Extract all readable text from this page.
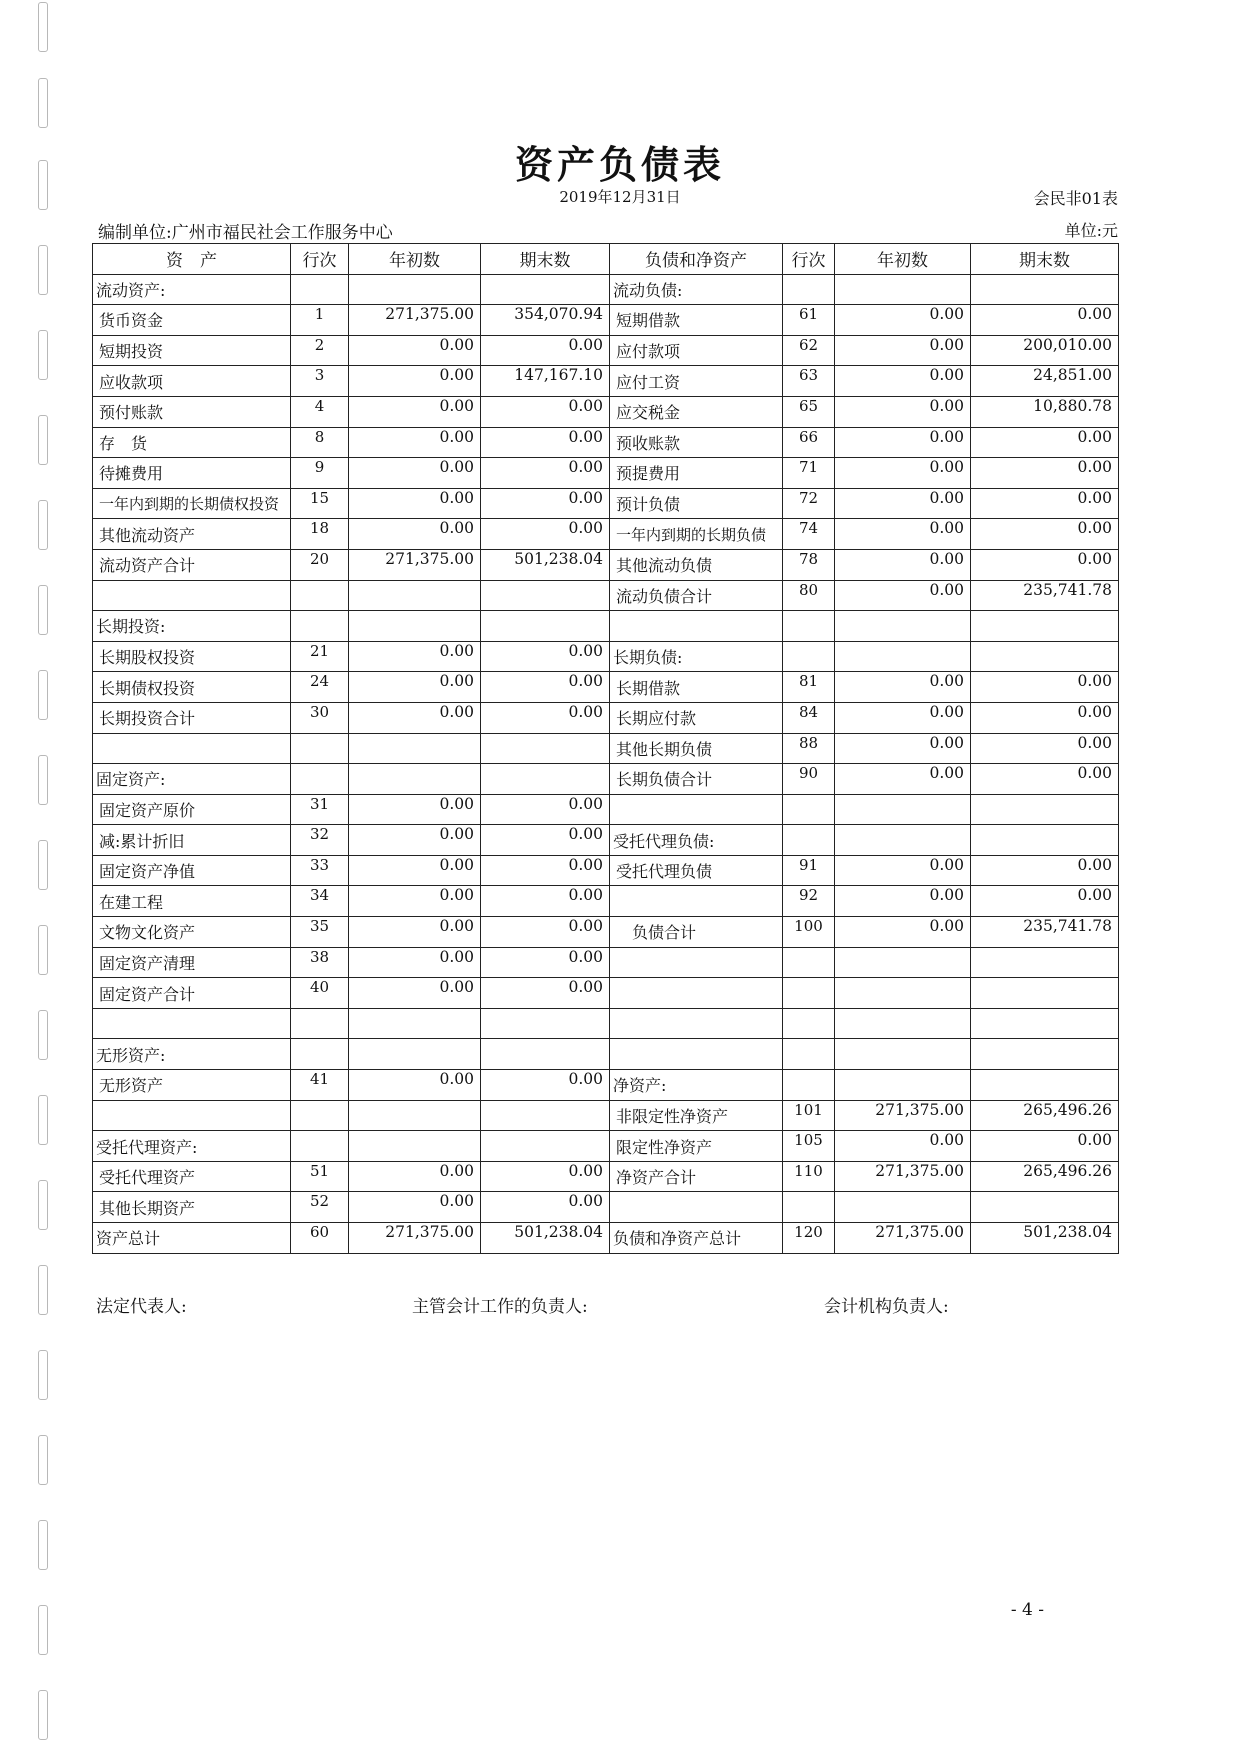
资产负债表
2019年12月31日	会民非01表
编制单位:广州市福民社会工作服务中心	单位:元
资　产	行次	年初数	期末数	负债和净资产	行次	年初数	期末数
流动资产:				流动负债:			
货币资金	1	271,375.00	354,070.94	短期借款	61	0.00	0.00
短期投资	2	0.00	0.00	应付款项	62	0.00	200,010.00
应收款项	3	0.00	147,167.10	应付工资	63	0.00	24,851.00
预付账款	4	0.00	0.00	应交税金	65	0.00	10,880.78
存　货	8	0.00	0.00	预收账款	66	0.00	0.00
待摊费用	9	0.00	0.00	预提费用	71	0.00	0.00
一年内到期的长期债权投资	15	0.00	0.00	预计负债	72	0.00	0.00
其他流动资产	18	0.00	0.00	一年内到期的长期负债	74	0.00	0.00
流动资产合计	20	271,375.00	501,238.04	其他流动负债	78	0.00	0.00
				流动负债合计	80	0.00	235,741.78
长期投资:							
长期股权投资	21	0.00	0.00	长期负债:			
长期债权投资	24	0.00	0.00	长期借款	81	0.00	0.00
长期投资合计	30	0.00	0.00	长期应付款	84	0.00	0.00
				其他长期负债	88	0.00	0.00
固定资产:				长期负债合计	90	0.00	0.00
固定资产原价	31	0.00	0.00				
减:累计折旧	32	0.00	0.00	受托代理负债:			
固定资产净值	33	0.00	0.00	受托代理负债	91	0.00	0.00
在建工程	34	0.00	0.00		92	0.00	0.00
文物文化资产	35	0.00	0.00	　负债合计	100	0.00	235,741.78
固定资产清理	38	0.00	0.00				
固定资产合计	40	0.00	0.00				

无形资产:							
无形资产	41	0.00	0.00	净资产:			
				非限定性净资产	101	271,375.00	265,496.26
受托代理资产:				限定性净资产	105	0.00	0.00
受托代理资产	51	0.00	0.00	净资产合计	110	271,375.00	265,496.26
其他长期资产	52	0.00	0.00				
资产总计	60	271,375.00	501,238.04	负债和净资产总计	120	271,375.00	501,238.04
法定代表人:	主管会计工作的负责人:	会计机构负责人:
- 4 -
